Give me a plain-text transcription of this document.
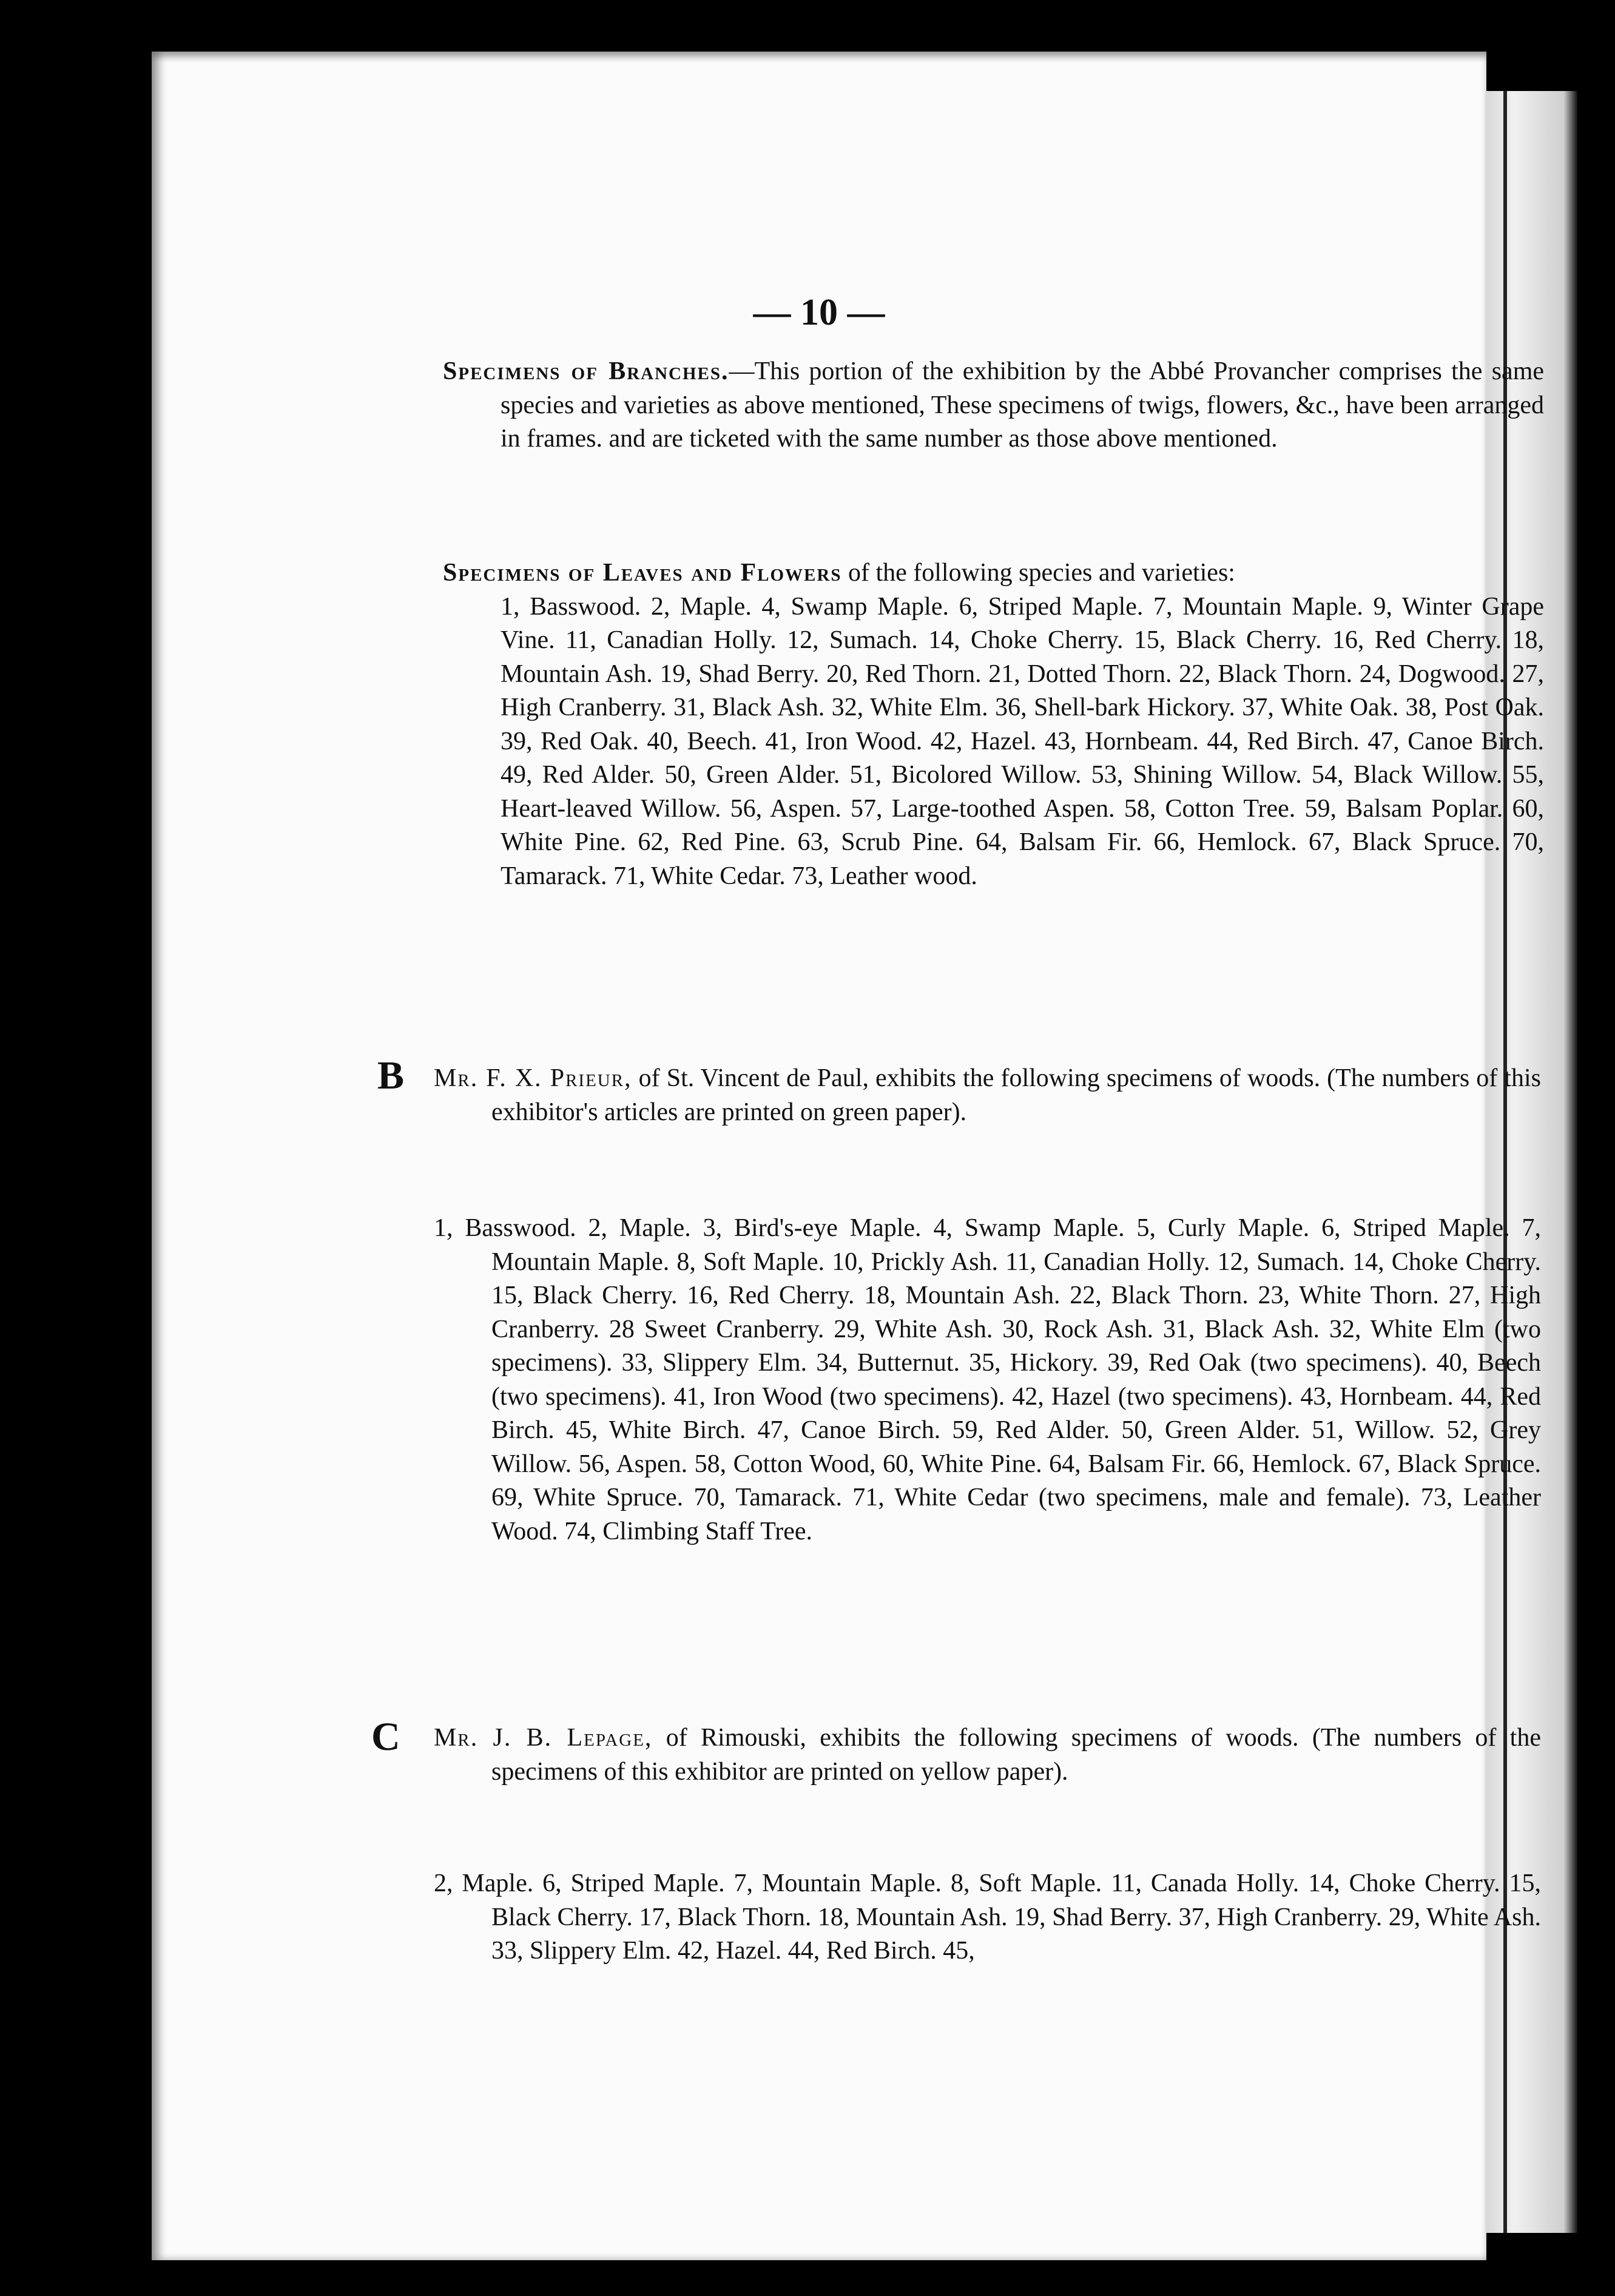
— 10 —
Specimens of Branches.—This portion of the exhibition by the Abbé Provancher comprises the same species and varieties as above mentioned, These specimens of twigs, flowers, &c., have been arranged in frames. and are ticketed with the same number as those above mentioned.
Specimens of Leaves and Flowers of the following species and varieties:
1, Basswood. 2, Maple. 4, Swamp Maple. 6, Striped Maple. 7, Mountain Maple. 9, Winter Grape Vine. 11, Canadian Holly. 12, Sumach. 14, Choke Cherry. 15, Black Cherry. 16, Red Cherry. 18, Mountain Ash. 19, Shad Berry. 20, Red Thorn. 21, Dotted Thorn. 22, Black Thorn. 24, Dogwood. 27, High Cranberry. 31, Black Ash. 32, White Elm. 36, Shell-bark Hickory. 37, White Oak. 38, Post Oak. 39, Red Oak. 40, Beech. 41, Iron Wood. 42, Hazel. 43, Hornbeam. 44, Red Birch. 47, Canoe Birch. 49, Red Alder. 50, Green Alder. 51, Bicolored Willow. 53, Shining Willow. 54, Black Willow. 55, Heart-leaved Willow. 56, Aspen. 57, Large-toothed Aspen. 58, Cotton Tree. 59, Balsam Poplar. 60, White Pine. 62, Red Pine. 63, Scrub Pine. 64, Balsam Fir. 66, Hemlock. 67, Black Spruce. 70, Tamarack. 71, White Cedar. 73, Leather wood.
B Mr. F. X. Prieur, of St. Vincent de Paul, exhibits the following specimens of woods. (The numbers of this exhibitor's articles are printed on green paper).
1, Basswood. 2, Maple. 3, Bird's-eye Maple. 4, Swamp Maple. 5, Curly Maple. 6, Striped Maple. 7, Mountain Maple. 8, Soft Maple. 10, Prickly Ash. 11, Canadian Holly. 12, Sumach. 14, Choke Cherry. 15, Black Cherry. 16, Red Cherry. 18, Mountain Ash. 22, Black Thorn. 23, White Thorn. 27, High Cranberry. 28 Sweet Cranberry. 29, White Ash. 30, Rock Ash. 31, Black Ash. 32, White Elm (two specimens). 33, Slippery Elm. 34, Butternut. 35, Hickory. 39, Red Oak (two specimens). 40, Beech (two specimens). 41, Iron Wood (two specimens). 42, Hazel (two specimens). 43, Hornbeam. 44, Red Birch. 45, White Birch. 47, Canoe Birch. 59, Red Alder. 50, Green Alder. 51, Willow. 52, Grey Willow. 56, Aspen. 58, Cotton Wood, 60, White Pine. 64, Balsam Fir. 66, Hemlock. 67, Black Spruce. 69, White Spruce. 70, Tamarack. 71, White Cedar (two specimens, male and female). 73, Leather Wood. 74, Climbing Staff Tree.
C Mr. J. B. Lepage, of Rimouski, exhibits the following specimens of woods. (The numbers of the specimens of this exhibitor are printed on yellow paper).
2, Maple. 6, Striped Maple. 7, Mountain Maple. 8, Soft Maple. 11, Canada Holly. 14, Choke Cherry. 15, Black Cherry. 17, Black Thorn. 18, Mountain Ash. 19, Shad Berry. 37, High Cranberry. 29, White Ash. 33, Slippery Elm. 42, Hazel. 44, Red Birch. 45,
